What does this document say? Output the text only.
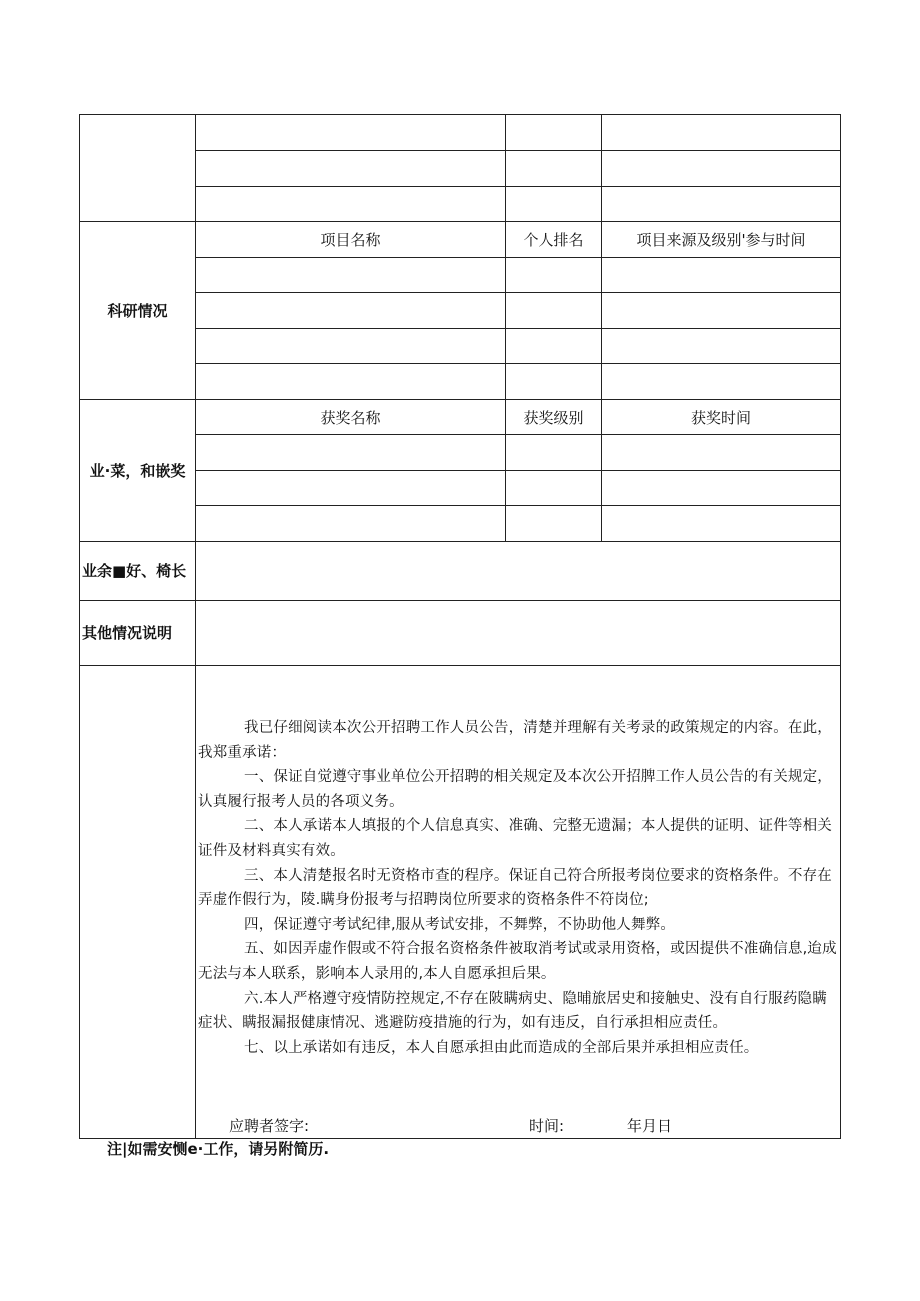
科研情况
项目名称	个人排名	项目来源及级别'参与时间
业·菜，和嵌奖
获奖名称	获奖级别	获奖时间
业余■好、椅长
其他情况说明

我已仔细阅读本次公开招聘工作人员公告，清楚并理解有关考录的政策规定的内容。在此，我郑重承诺：

一、保证自觉遵守事业单位公开招聘的相关规定及本次公开招脾工作人员公告的有关规定，认真履行报考人员的各项义务。

二、本人承诺本人填报的个人信息真实、准确、完整无遗漏；本人提供的证明、证件等相关证件及材料真实有效。

三、本人清楚报名时无资格市查的程序。保证自己符合所报考岗位要求的资格条件。不存在弄虚作假行为，陵.瞒身份报考与招聘岗位所要求的资格条件不符岗位;

四，保证遵守考试纪律,服从考试安排，不舞弊，不协助他人舞弊。

五、如因弄虚作假或不符合报名资格条件被取消考试或录用资格，或因提供不准确信息,迨成无法与本人联系，影响本人录用的,本人自愿承担后果。

六.本人严格遵守疫情防控规定,不存在陂瞒病史、隐晡旅居史和接触史、没有自行服药隐瞒症状、瞒报漏报健康情况、逃避防疫措施的行为，如有违反，自行承担相应责任。

七、以上承诺如有违反，本人自愿承担由此而造成的全部后果并承担相应责任。

应聘者签字:	时间:	年月日
注|如需安恻e·工作，请另附简历.
